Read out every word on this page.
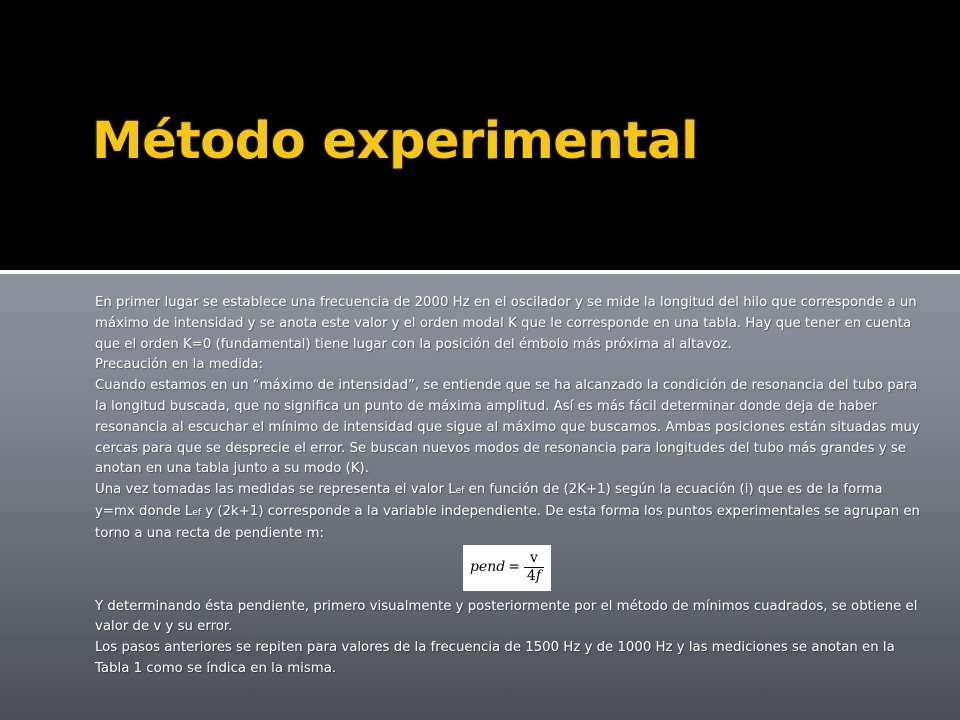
Método experimental

En primer lugar se establece una frecuencia de 2000 Hz en el oscilador y se mide la longitud del hilo que corresponde a un máximo de intensidad y se anota este valor y el orden modal K que le corresponde en una tabla. Hay que tener en cuenta que el orden K=0 (fundamental) tiene lugar con la posición del émbolo más próxima al altavoz.

Precaución en la medida:

Cuando estamos en un “máximo de intensidad”, se entiende que se ha alcanzado la condición de resonancia del tubo para la longitud buscada, que no significa un punto de máxima amplitud. Así es más fácil determinar donde deja de haber resonancia al escuchar el mínimo de intensidad que sigue al máximo que buscamos. Ambas posiciones están situadas muy cercas para que se desprecie el error. Se buscan nuevos modos de resonancia para longitudes del tubo más grandes y se anotan en una tabla junto a su modo (K).

Una vez tomadas las medidas se representa el valor Lef en función de (2K+1) según la ecuación (i) que es de la forma y=mx donde Lef y (2k+1) corresponde a la variable independiente. De esta forma los puntos experimentales se agrupan en torno a una recta de pendiente m:

pend = $\frac{v}{4f}$

Y determinando ésta pendiente, primero visualmente y posteriormente por el método de mínimos cuadrados, se obtiene el valor de v y su error.

Los pasos anteriores se repiten para valores de la frecuencia de 1500 Hz y de 1000 Hz y las mediciones se anotan en la Tabla 1 como se índica en la misma.
